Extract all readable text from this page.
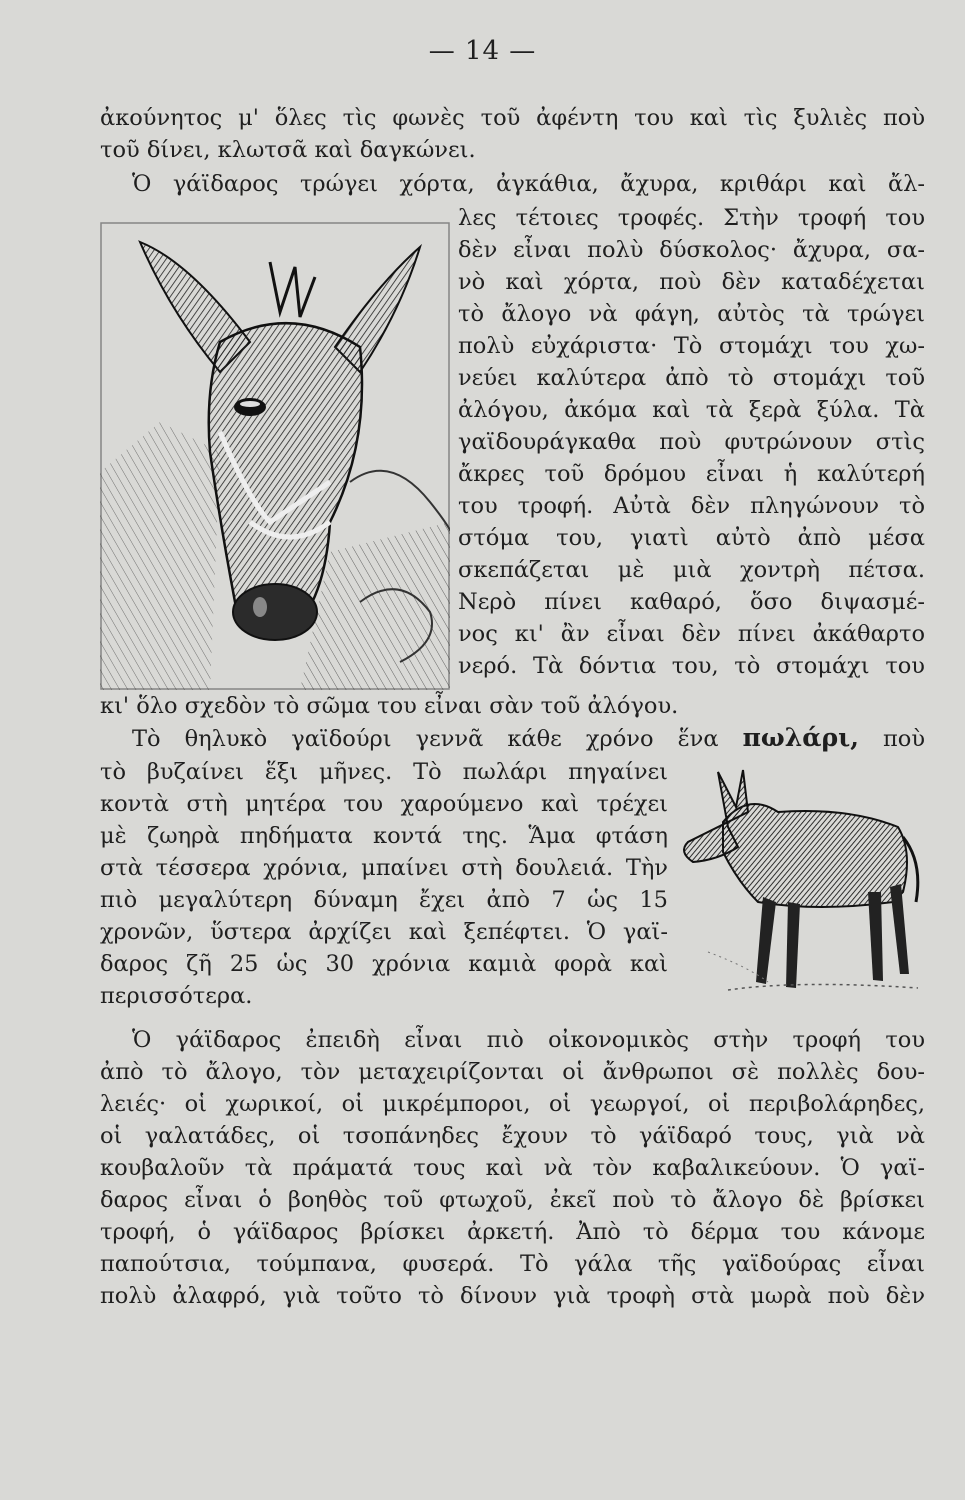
— 14 —
ἀκούνητος μ' ὅλες τὶς φωνὲς τοῦ ἀφέντη του καὶ τὶς ξυλιὲς ποὺ
τοῦ δίνει, κλωτσᾶ καὶ δαγκώνει.
Ὁ γάϊδαρος τρώγει χόρτα, ἀγκάθια, ἄχυρα, κριθάρι καὶ ἄλ-
λες τέτοιες τροφές. Στὴν τροφή του
δὲν εἶναι πολὺ δύσκολος· ἄχυρα, σα-
νὸ καὶ χόρτα, ποὺ δὲν καταδέχεται
τὸ ἄλογο νὰ φάγη, αὐτὸς τὰ τρώγει
πολὺ εὐχάριστα· Τὸ στομάχι του χω-
νεύει καλύτερα ἀπὸ τὸ στομάχι τοῦ
ἀλόγου, ἀκόμα καὶ τὰ ξερὰ ξύλα. Τὰ
γαϊδουράγκαθα ποὺ φυτρώνουν στὶς
ἄκρες τοῦ δρόμου εἶναι ἡ καλύτερή
του τροφή. Αὐτὰ δὲν πληγώνουν τὸ
στόμα του, γιατὶ αὐτὸ ἀπὸ μέσα
σκεπάζεται μὲ μιὰ χοντρὴ πέτσα.
Νερὸ πίνει καθαρό, ὅσο διψασμέ-
νος κι' ἂν εἶναι δὲν πίνει ἀκάθαρτο
νερό. Τὰ δόντια του, τὸ στομάχι του
κι' ὅλο σχεδὸν τὸ σῶμα του εἶναι σὰν τοῦ ἀλόγου.
Τὸ θηλυκὸ γαϊδούρι γεννᾶ κάθε χρόνο ἕνα πωλάρι, ποὺ
τὸ βυζαίνει ἕξι μῆνες. Τὸ πωλάρι πηγαίνει
κοντὰ στὴ μητέρα του χαρούμενο καὶ τρέχει
μὲ ζωηρὰ πηδήματα κοντά της. Ἅμα φτάση
στὰ τέσσερα χρόνια, μπαίνει στὴ δουλειά. Τὴν
πιὸ μεγαλύτερη δύναμη ἔχει ἀπὸ 7 ὡς 15
χρονῶν, ὕστερα ἀρχίζει καὶ ξεπέφτει. Ὁ γαϊ-
δαρος ζῆ 25 ὡς 30 χρόνια καμιὰ φορὰ καὶ
περισσότερα.
Ὁ γάϊδαρος ἐπειδὴ εἶναι πιὸ οἰκονομικὸς στὴν τροφή του
ἀπὸ τὸ ἄλογο, τὸν μεταχειρίζονται οἱ ἄνθρωποι σὲ πολλὲς δου-
λειές· οἱ χωρικοί, οἱ μικρέμποροι, οἱ γεωργοί, οἱ περιβολάρηδες,
οἱ γαλατάδες, οἱ τσοπάνηδες ἔχουν τὸ γάϊδαρό τους, γιὰ νὰ
κουβαλοῦν τὰ πράματά τους καὶ νὰ τὸν καβαλικεύουν. Ὁ γαϊ-
δαρος εἶναι ὁ βοηθὸς τοῦ φτωχοῦ, ἐκεῖ ποὺ τὸ ἄλογο δὲ βρίσκει
τροφή, ὁ γάϊδαρος βρίσκει ἀρκετή. Ἀπὸ τὸ δέρμα του κάνομε
παπούτσια, τούμπανα, φυσερά. Τὸ γάλα τῆς γαϊδούρας εἶναι
πολὺ ἀλαφρό, γιὰ τοῦτο τὸ δίνουν γιὰ τροφὴ στὰ μωρὰ ποὺ δὲν
